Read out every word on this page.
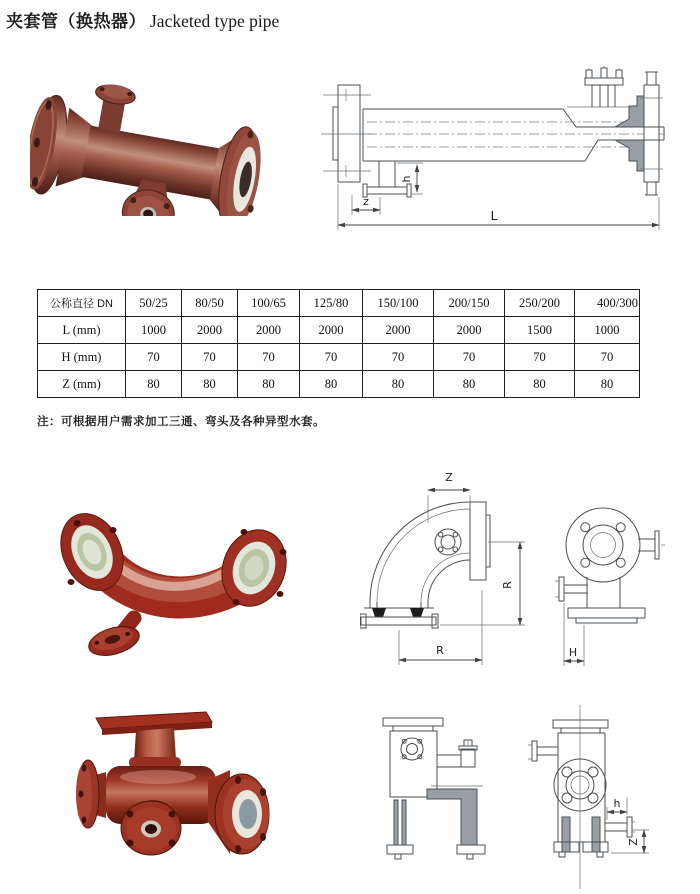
夹套管（换热器） Jacketed type pipe
h
z
L
公称直径 DN	50/25	80/50	100/65	125/80	150/100	200/150	250/200	400/300
L (mm)	1000	2000	2000	2000	2000	2000	1500	1000
H (mm)	70	70	70	70	70	70	70	70
Z (mm)	80	80	80	80	80	80	80	80
注：可根据用户需求加工三通、弯头及各种异型水套。
Z
R
R	H
h
Z
